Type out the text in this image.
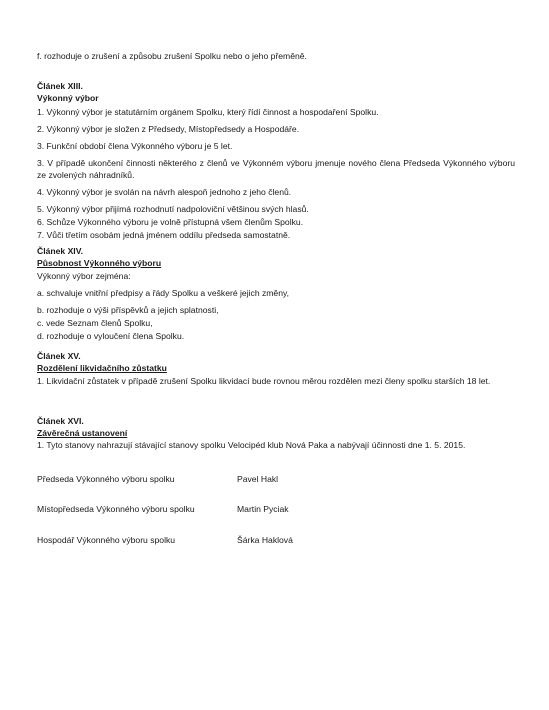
f. rozhoduje o zrušení a způsobu zrušení Spolku nebo o jeho přeměně.

Článek XIII.

Výkonný výbor

1. Výkonný výbor je statutárním orgánem Spolku, který řídí činnost a hospodaření Spolku.

2. Výkonný výbor je složen z Předsedy, Místopředsedy a Hospodáře.

3. Funkční období člena Výkonného výboru je 5 let.

3. V případě ukončení činnosti některého z členů ve Výkonném výboru jmenuje nového člena Předseda Výkonného výboru ze zvolených náhradníků.

4. Výkonný výbor je svolán na návrh alespoň jednoho z jeho členů.

5. Výkonný výbor přijímá rozhodnutí nadpoloviční většinou svých hlasů.

6. Schůze Výkonného výboru je volně přístupná všem členům Spolku.

7. Vůči třetím osobám jedná jménem oddílu předseda samostatně.

Článek XIV.

Působnost Výkonného výboru

Výkonný výbor zejména:

a. schvaluje vnitřní předpisy a řády Spolku a veškeré jejich změny,

b. rozhoduje o výši příspěvků a jejich splatnosti,

c. vede Seznam členů Spolku,

d. rozhoduje o vyloučení člena Spolku.

Článek XV.

Rozdělení likvidačního zůstatku

1. Likvidační zůstatek v případě zrušení Spolku likvidací bude rovnou měrou rozdělen mezi členy spolku starších 18 let.

Článek XVI.

Závěrečná ustanovení

1. Tyto stanovy nahrazují stávající stanovy spolku Velocipéd klub Nová Paka a nabývají účinnosti dne 1. 5. 2015.

Předseda Výkonného výboru spolku	Pavel Hakl
Místopředseda Výkonného výboru spolku	Martin Pyciak
Hospodář Výkonného výboru spolku	Šárka Haklová
